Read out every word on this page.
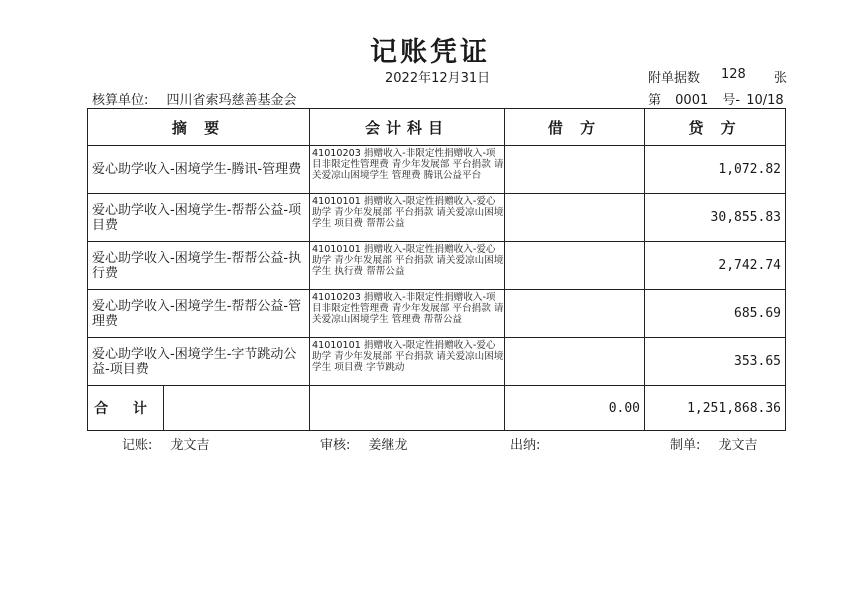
记账凭证
2022年12月31日	附单据数 128 张
核算单位: 四川省索玛慈善基金会	第 0001 号- 10/18
摘 要	会计科目	借 方	贷 方
爱心助学收入-困境学生-腾讯-管理费	41010203 捐赠收入-非限定性捐赠收入-项目非限定性管理费 青少年发展部 平台捐款 请关爱凉山困境学生 管理费 腾讯公益平台		1,072.82
爱心助学收入-困境学生-帮帮公益-项目费	41010101 捐赠收入-限定性捐赠收入-爱心助学 青少年发展部 平台捐款 请关爱凉山困境学生 项目费 帮帮公益		30,855.83
爱心助学收入-困境学生-帮帮公益-执行费	41010101 捐赠收入-限定性捐赠收入-爱心助学 青少年发展部 平台捐款 请关爱凉山困境学生 执行费 帮帮公益		2,742.74
爱心助学收入-困境学生-帮帮公益-管理费	41010203 捐赠收入-非限定性捐赠收入-项目非限定性管理费 青少年发展部 平台捐款 请关爱凉山困境学生 管理费 帮帮公益		685.69
爱心助学收入-困境学生-字节跳动公益-项目费	41010101 捐赠收入-限定性捐赠收入-爱心助学 青少年发展部 平台捐款 请关爱凉山困境学生 项目费 字节跳动		353.65

合 计		0.00	1,251,868.36
记账: 龙文吉	审核: 姜继龙	出纳:	制单: 龙文吉
